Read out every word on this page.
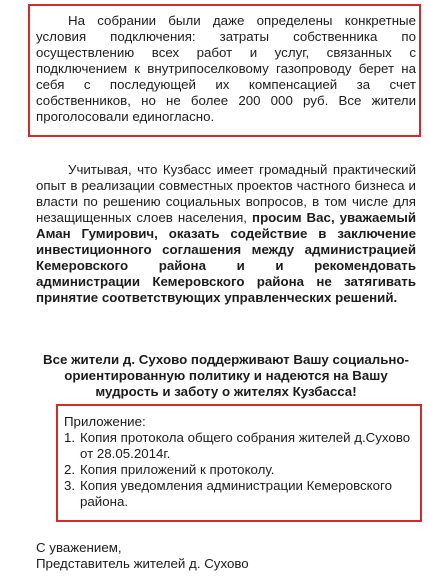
На собрании были даже определены конкретные условия подключения: затраты собственника по осуществлению всех работ и услуг, связанных с подключением к внутрипоселковому газопроводу берет на себя с последующей их компенсацией за счет собственников, но не более 200 000 руб. Все жители проголосовали единогласно.

Учитывая, что Кузбасс имеет громадный практический опыт в реализации совместных проектов частного бизнеса и власти по решению социальных вопросов, в том числе для незащищенных слоев населения, просим Вас, уважаемый Аман Гумирович, оказать содействие в заключение инвестиционного соглашения между администрацией Кемеровского района и и рекомендовать администрации Кемеровского района не затягивать принятие соответствующих управленческих решений.

Все жители д. Сухово поддерживают Вашу социально-ориентированную политику и надеются на Вашу мудрость и заботу о жителях Кузбасса!

Приложение:
1. Копия протокола общего собрания жителей д.Сухово от 28.05.2014г.
2. Копия приложений к протоколу.
3. Копия уведомления администрации Кемеровского района.
С уважением,
Представитель жителей д. Сухово
